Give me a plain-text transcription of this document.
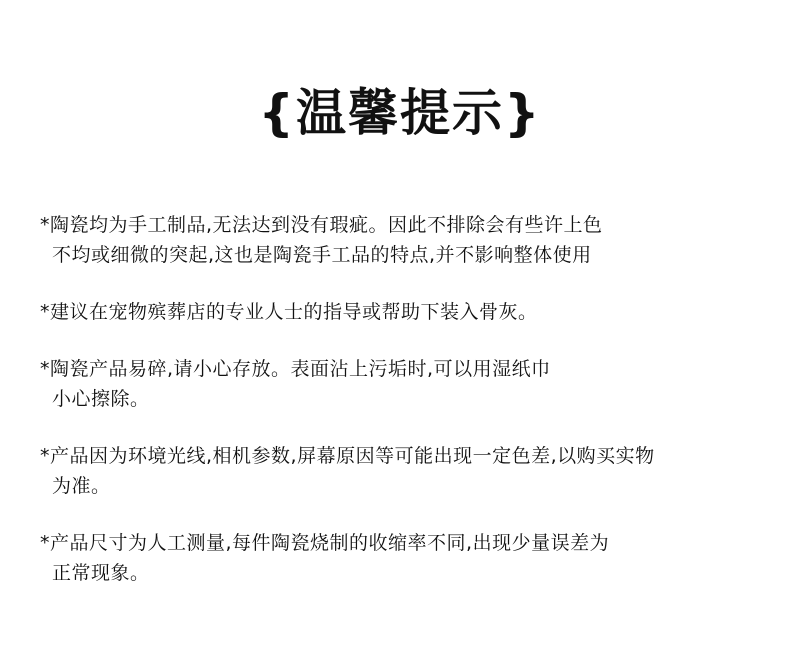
{温馨提示}
*陶瓷均为手工制品,无法达到没有瑕疵。因此不排除会有些许上色
不均或细微的突起,这也是陶瓷手工品的特点,并不影响整体使用
*建议在宠物殡葬店的专业人士的指导或帮助下装入骨灰。
*陶瓷产品易碎,请小心存放。表面沾上污垢时,可以用湿纸巾
小心擦除。
*产品因为环境光线,相机参数,屏幕原因等可能出现一定色差,以购买实物
为准。
*产品尺寸为人工测量,每件陶瓷烧制的收缩率不同,出现少量误差为
正常现象。
